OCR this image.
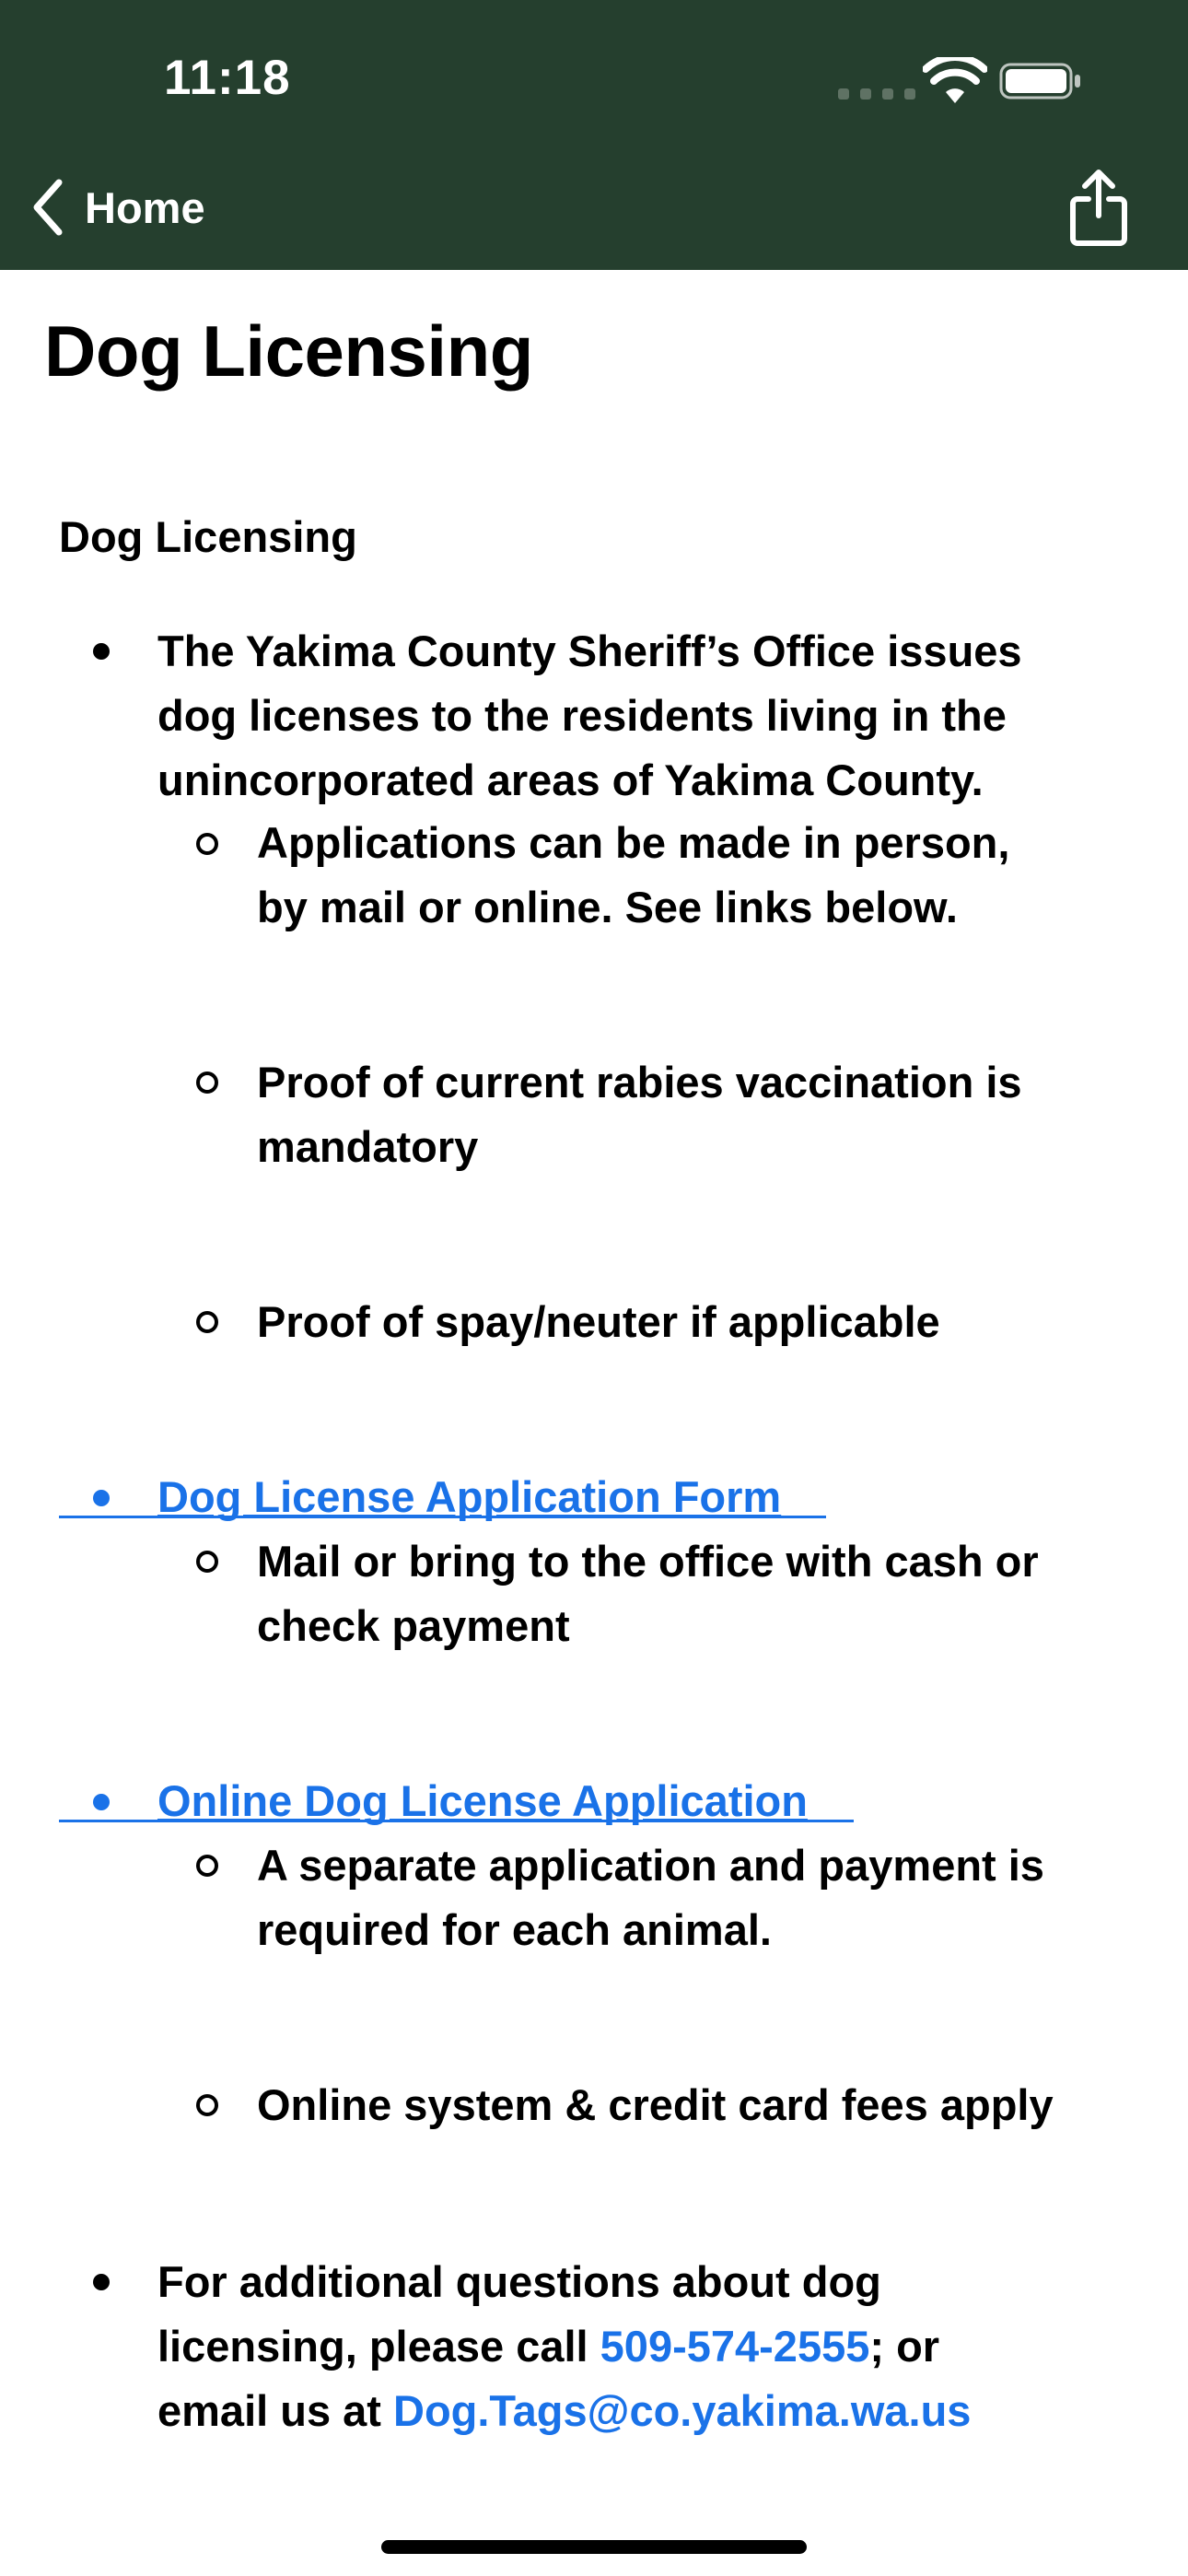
11:18
Home
Dog Licensing
Dog Licensing
The Yakima County Sheriff’s Office issues
dog licenses to the residents living in the
unincorporated areas of Yakima County.
Applications can be made in person,
by mail or online. See links below.
Proof of current rabies vaccination is
mandatory
Proof of spay/neuter if applicable
Dog License Application Form
Mail or bring to the office with cash or
check payment
Online Dog License Application
A separate application and payment is
required for each animal.
Online system & credit card fees apply
For additional questions about dog
licensing, please call 509-574-2555; or
email us at Dog.Tags@co.yakima.wa.us
